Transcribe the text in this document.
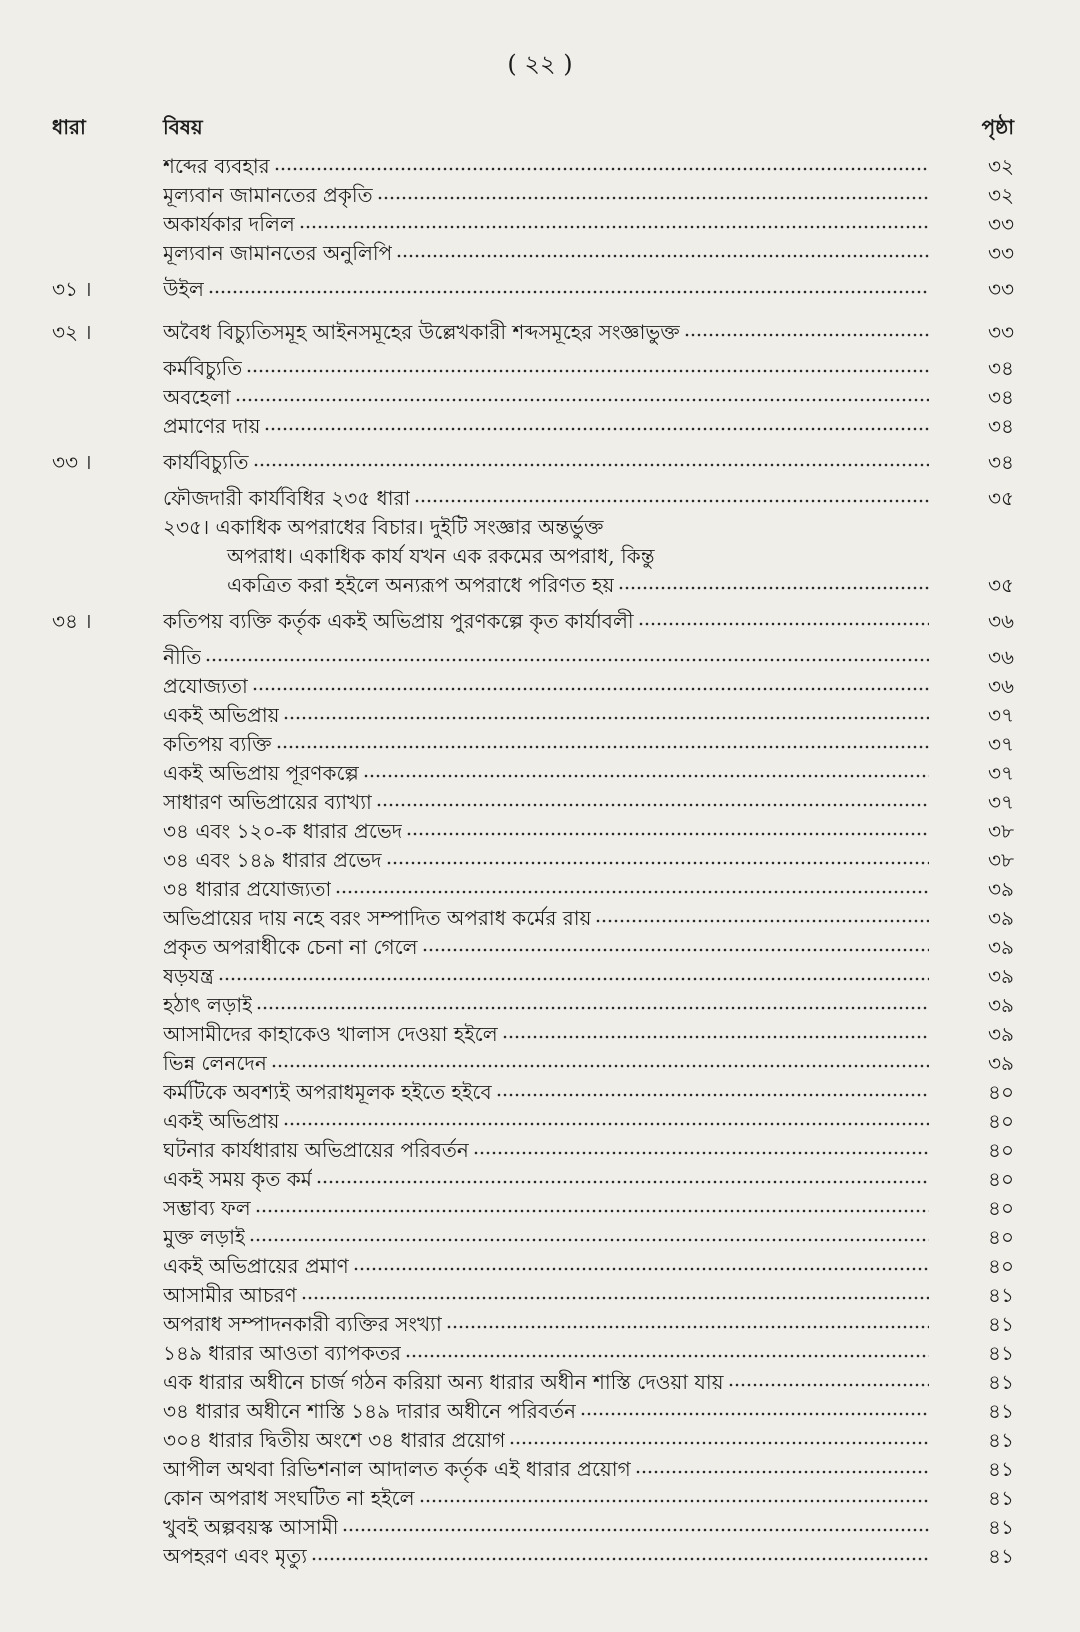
( ২২ )
ধারা	বিষয়	পৃষ্ঠা
শব্দের ব্যবহার	৩২
মূল্যবান জামানতের প্রকৃতি	৩২
অকার্যকার দলিল	৩৩
মূল্যবান জামানতের অনুলিপি	৩৩
৩১ ।	উইল	৩৩
৩২ ।	অবৈধ বিচ্যুতিসমূহ আইনসমূহের উল্লেখকারী শব্দসমূহের সংজ্ঞাভুক্ত	৩৩
কর্মবিচ্যুতি	৩৪
অবহেলা	৩৪
প্রমাণের দায়	৩৪
৩৩ ।	কার্যবিচ্যুতি	৩৪
ফৌজদারী কার্যবিধির ২৩৫ ধারা	৩৫
২৩৫। একাধিক অপরাধের বিচার। দুইটি সংজ্ঞার অন্তর্ভুক্ত
অপরাধ। একাধিক কার্য যখন এক রকমের অপরাধ, কিন্তু
একত্রিত করা হইলে অন্যরূপ অপরাধে পরিণত হয়	৩৫
৩৪ ।	কতিপয় ব্যক্তি কর্তৃক একই অভিপ্রায় পুরণকল্পে কৃত কার্যাবলী	৩৬
নীতি	৩৬
প্রযোজ্যতা	৩৬
একই অভিপ্রায়	৩৭
কতিপয় ব্যক্তি	৩৭
একই অভিপ্রায় পূরণকল্পে	৩৭
সাধারণ অভিপ্রায়ের ব্যাখ্যা	৩৭
৩৪ এবং ১২০-ক ধারার প্রভেদ	৩৮
৩৪ এবং ১৪৯ ধারার প্রভেদ	৩৮
৩৪ ধারার প্রযোজ্যতা	৩৯
অভিপ্রায়ের দায় নহে বরং সম্পাদিত অপরাধ কর্মের রায়	৩৯
প্রকৃত অপরাধীকে চেনা না গেলে	৩৯
ষড়যন্ত্র	৩৯
হঠাৎ লড়াই	৩৯
আসামীদের কাহাকেও খালাস দেওয়া হইলে	৩৯
ভিন্ন লেনদেন	৩৯
কর্মটিকে অবশ্যই অপরাধমূলক হইতে হইবে	৪০
একই অভিপ্রায়	৪০
ঘটনার কার্যধারায় অভিপ্রায়ের পরিবর্তন	৪০
একই সময় কৃত কর্ম	৪০
সম্ভাব্য ফল	৪০
মুক্ত লড়াই	৪০
একই অভিপ্রায়ের প্রমাণ	৪০
আসামীর আচরণ	৪১
অপরাধ সম্পাদনকারী ব্যক্তির সংখ্যা	৪১
১৪৯ ধারার আওতা ব্যাপকতর	৪১
এক ধারার অধীনে চার্জ গঠন করিয়া অন্য ধারার অধীন শাস্তি দেওয়া যায়	৪১
৩৪ ধারার অধীনে শাস্তি ১৪৯ দারার অধীনে পরিবর্তন	৪১
৩০৪ ধারার দ্বিতীয় অংশে ৩৪ ধারার প্রয়োগ	৪১
আপীল অথবা রিভিশনাল আদালত কর্তৃক এই ধারার প্রয়োগ	৪১
কোন অপরাধ সংঘটিত না হইলে	৪১
খুবই অল্পবয়স্ক আসামী	৪১
অপহরণ এবং মৃত্যু	৪১
